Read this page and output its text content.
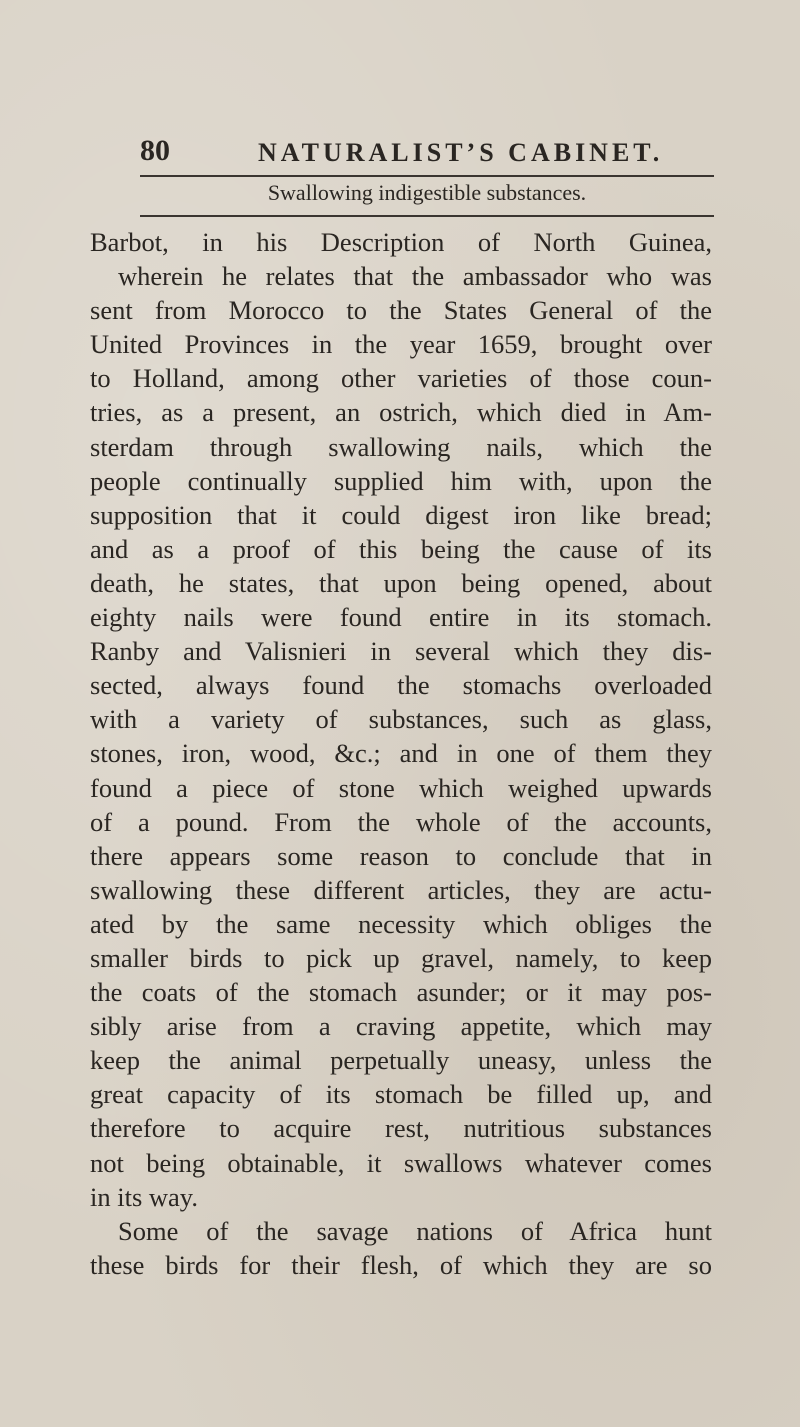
80	NATURALIST’S CABINET.
Swallowing indigestible substances.
Barbot, in his Description of North Guinea,
wherein he relates that the ambassador who was
sent from Morocco to the States General of the
United Provinces in the year 1659, brought over
to Holland, among other varieties of those coun-
tries, as a present, an ostrich, which died in Am-
sterdam through swallowing nails, which the
people continually supplied him with, upon the
supposition that it could digest iron like bread;
and as a proof of this being the cause of its
death, he states, that upon being opened, about
eighty nails were found entire in its stomach.
Ranby and Valisnieri in several which they dis-
sected, always found the stomachs overloaded
with a variety of substances, such as glass,
stones, iron, wood, &c.; and in one of them they
found a piece of stone which weighed upwards
of a pound. From the whole of the accounts,
there appears some reason to conclude that in
swallowing these different articles, they are actu-
ated by the same necessity which obliges the
smaller birds to pick up gravel, namely, to keep
the coats of the stomach asunder; or it may pos-
sibly arise from a craving appetite, which may
keep the animal perpetually uneasy, unless the
great capacity of its stomach be filled up, and
therefore to acquire rest, nutritious substances
not being obtainable, it swallows whatever comes
in its way.
Some of the savage nations of Africa hunt
these birds for their flesh, of which they are so
